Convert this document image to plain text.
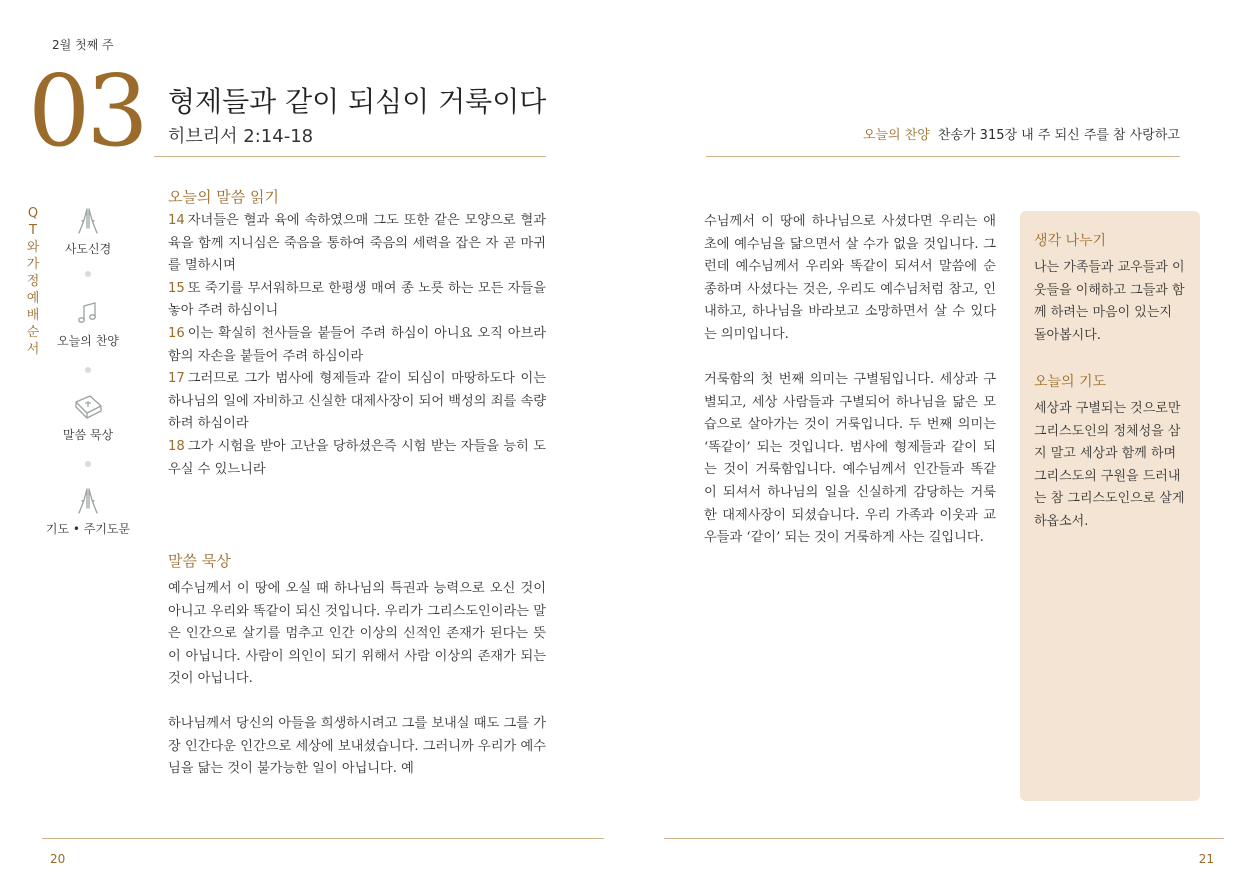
2월 첫째 주
03 형제들과 같이 되심이 거룩이다
히브리서 2:14-18	오늘의 찬양 찬송가 315장 내 주 되신 주를 참 사랑하고
QT와 가정예배 순서
사도신경
오늘의 찬양
말씀 묵상
기도 • 주기도문
오늘의 말씀 읽기
14 자녀들은 혈과 육에 속하였으매 그도 또한 같은 모양으로 혈과 육을 함께 지니심은 죽음을 통하여 죽음의 세력을 잡은 자 곧 마귀를 멸하시며
15 또 죽기를 무서워하므로 한평생 매여 종 노릇 하는 모든 자들을 놓아 주려 하심이니
16 이는 확실히 천사들을 붙들어 주려 하심이 아니요 오직 아브라함의 자손을 붙들어 주려 하심이라
17 그러므로 그가 범사에 형제들과 같이 되심이 마땅하도다 이는 하나님의 일에 자비하고 신실한 대제사장이 되어 백성의 죄를 속량하려 하심이라
18 그가 시험을 받아 고난을 당하셨은즉 시험 받는 자들을 능히 도우실 수 있느니라
말씀 묵상
예수님께서 이 땅에 오실 때 하나님의 특권과 능력으로 오신 것이 아니고 우리와 똑같이 되신 것입니다. 우리가 그리스도인이라는 말은 인간으로 살기를 멈추고 인간 이상의 신적인 존재가 된다는 뜻이 아닙니다. 사람이 의인이 되기 위해서 사람 이상의 존재가 되는 것이 아닙니다.
하나님께서 당신의 아들을 희생하시려고 그를 보내실 때도 그를 가장 인간다운 인간으로 세상에 보내셨습니다. 그러니까 우리가 예수님을 닮는 것이 불가능한 일이 아닙니다. 예
수님께서 이 땅에 하나님으로 사셨다면 우리는 애초에 예수님을 닮으면서 살 수가 없을 것입니다. 그런데 예수님께서 우리와 똑같이 되셔서 말씀에 순종하며 사셨다는 것은, 우리도 예수님처럼 참고, 인내하고, 하나님을 바라보고 소망하면서 살 수 있다는 의미입니다.
거룩함의 첫 번째 의미는 구별됨입니다. 세상과 구별되고, 세상 사람들과 구별되어 하나님을 닮은 모습으로 살아가는 것이 거룩입니다. 두 번째 의미는 ‘똑같이’ 되는 것입니다. 범사에 형제들과 같이 되는 것이 거룩함입니다. 예수님께서 인간들과 똑같이 되셔서 하나님의 일을 신실하게 감당하는 거룩한 대제사장이 되셨습니다. 우리 가족과 이웃과 교우들과 ‘같이’ 되는 것이 거룩하게 사는 길입니다.
생각 나누기
나는 가족들과 교우들과 이웃들을 이해하고 그들과 함께 하려는 마음이 있는지 돌아봅시다.
오늘의 기도
세상과 구별되는 것으로만 그리스도인의 정체성을 삼지 말고 세상과 함께 하며 그리스도의 구원을 드러내는 참 그리스도인으로 살게 하옵소서.
20	21
